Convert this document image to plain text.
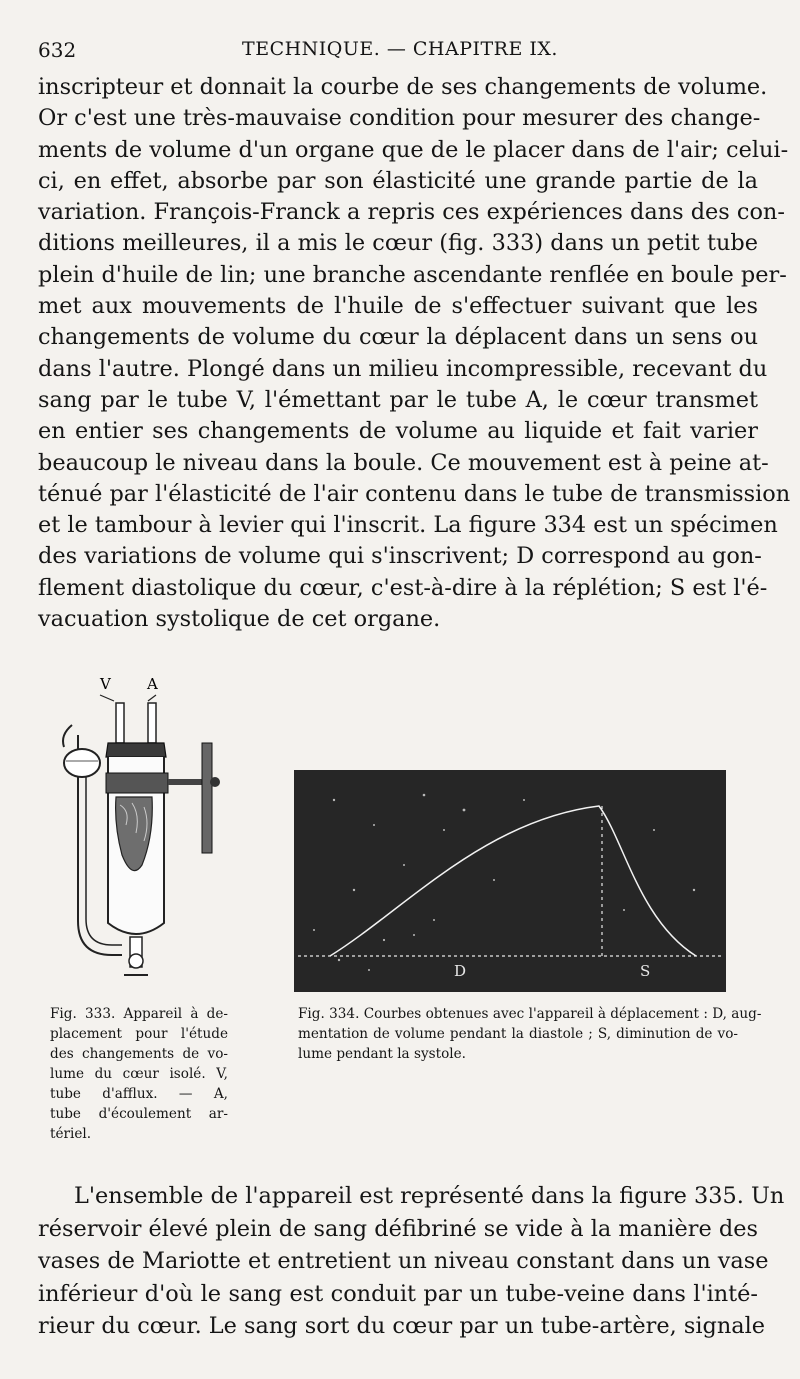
632	TECHNIQUE. — CHAPITRE IX.

inscripteur et donnait la courbe de ses changements de volume.
Or c'est une très-mauvaise condition pour mesurer des change-
ments de volume d'un organe que de le placer dans de l'air; celui-
ci, en effet, absorbe par son élasticité une grande partie de la
variation. François-Franck a repris ces expériences dans des con-
ditions meilleures, il a mis le cœur (fig. 333) dans un petit tube
plein d'huile de lin; une branche ascendante renflée en boule per-
met aux mouvements de l'huile de s'effectuer suivant que les
changements de volume du cœur la déplacent dans un sens ou
dans l'autre. Plongé dans un milieu incompressible, recevant du
sang par le tube V, l'émettant par le tube A, le cœur transmet
en entier ses changements de volume au liquide et fait varier
beaucoup le niveau dans la boule. Ce mouvement est à peine at-
ténué par l'élasticité de l'air contenu dans le tube de transmission
et le tambour à levier qui l'inscrit. La figure 334 est un spécimen
des variations de volume qui s'inscrivent; D correspond au gon-
flement diastolique du cœur, c'est-à-dire à la réplétion; S est l'é-
vacuation systolique de cet organe.

V A
D	S
Fig. 333. Appareil à de-
placement pour l'étude
des changements de vo-
lume du cœur isolé. V,
tube d'afflux. — A,
tube d'écoulement ar-
tériel.
Fig. 334. Courbes obtenues avec l'appareil à déplacement : D, aug-
mentation de volume pendant la diastole ; S, diminution de vo-
lume pendant la systole.

L'ensemble de l'appareil est représenté dans la figure 335. Un
réservoir élevé plein de sang défibriné se vide à la manière des
vases de Mariotte et entretient un niveau constant dans un vase
inférieur d'où le sang est conduit par un tube-veine dans l'inté-
rieur du cœur. Le sang sort du cœur par un tube-artère, signale
